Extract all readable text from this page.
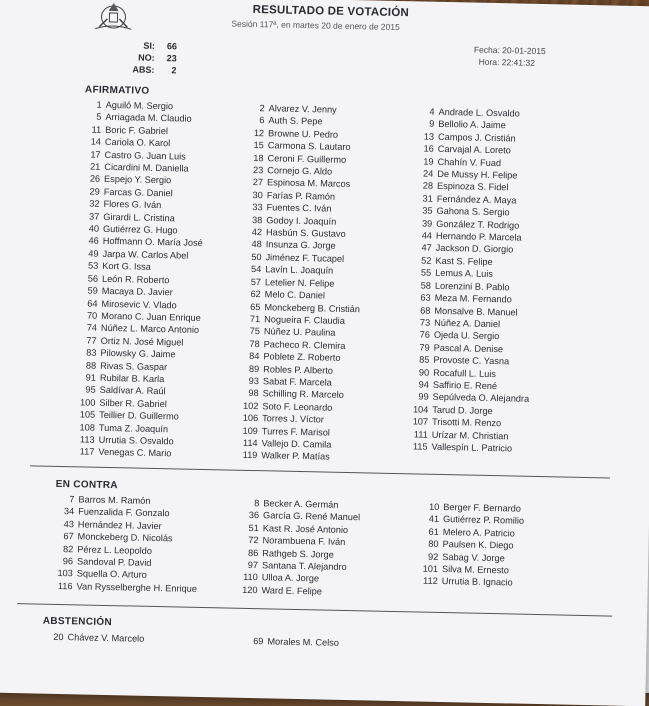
RESULTADO DE VOTACIÓN
Sesión 117ª, en martes 20 de enero de 2015
SI: 66
NO: 23
ABS: 2
Fecha: 20-01-2015
Hora: 22:41:32
AFIRMATIVO
1 Aguiló M. Sergio
5 Arriagada M. Claudio
11 Boric F. Gabriel
14 Cariola O. Karol
17 Castro G. Juan Luis
21 Cicardini M. Daniella
26 Espejo Y. Sergio
29 Farcas G. Daniel
32 Flores G. Iván
37 Girardi L. Cristina
40 Gutiérrez G. Hugo
46 Hoffmann O. María José
49 Jarpa W. Carlos Abel
53 Kort G. Issa
56 León R. Roberto
59 Macaya D. Javier
64 Mirosevic V. Vlado
70 Morano C. Juan Enrique
74 Núñez L. Marco Antonio
77 Ortiz N. José Miguel
83 Pilowsky G. Jaime
88 Rivas S. Gaspar
91 Rubilar B. Karla
95 Saldívar A. Raúl
100 Silber R. Gabriel
105 Teillier D. Guillermo
108 Tuma Z. Joaquín
113 Urrutia S. Osvaldo
117 Venegas C. Mario
2 Alvarez V. Jenny
6 Auth S. Pepe
12 Browne U. Pedro
15 Carmona S. Lautaro
18 Ceroni F. Guillermo
23 Cornejo G. Aldo
27 Espinosa M. Marcos
30 Farías P. Ramón
33 Fuentes C. Iván
38 Godoy I. Joaquín
42 Hasbún S. Gustavo
48 Insunza G. Jorge
50 Jiménez F. Tucapel
54 Lavín L. Joaquín
57 Letelier N. Felipe
62 Melo C. Daniel
65 Monckeberg B. Cristián
71 Nogueira F. Claudia
75 Núñez U. Paulina
78 Pacheco R. Clemira
84 Poblete Z. Roberto
89 Robles P. Alberto
93 Sabat F. Marcela
98 Schilling R. Marcelo
102 Soto F. Leonardo
106 Torres J. Víctor
109 Turres F. Marisol
114 Vallejo D. Camila
119 Walker P. Matías
4 Andrade L. Osvaldo
9 Bellolio A. Jaime
13 Campos J. Cristián
16 Carvajal A. Loreto
19 Chahín V. Fuad
24 De Mussy H. Felipe
28 Espinoza S. Fidel
31 Fernández A. Maya
35 Gahona S. Sergio
39 González T. Rodrigo
44 Hernando P. Marcela
47 Jackson D. Giorgio
52 Kast S. Felipe
55 Lemus A. Luis
58 Lorenzini B. Pablo
63 Meza M. Fernando
68 Monsalve B. Manuel
73 Núñez A. Daniel
76 Ojeda U. Sergio
79 Pascal A. Denise
85 Provoste C. Yasna
90 Rocafull L. Luis
94 Saffirio E. René
99 Sepúlveda O. Alejandra
104 Tarud D. Jorge
107 Trisotti M. Renzo
111 Urízar M. Christian
115 Vallespín L. Patricio
EN CONTRA
7 Barros M. Ramón
34 Fuenzalida F. Gonzalo
43 Hernández H. Javier
67 Monckeberg D. Nicolás
82 Pérez L. Leopoldo
96 Sandoval P. David
103 Squella O. Arturo
116 Van Rysselberghe H. Enrique
8 Becker A. Germán
36 García G. René Manuel
51 Kast R. José Antonio
72 Norambuena F. Iván
86 Rathgeb S. Jorge
97 Santana T. Alejandro
110 Ulloa A. Jorge
120 Ward E. Felipe
10 Berger F. Bernardo
41 Gutiérrez P. Romilio
61 Melero A. Patricio
80 Paulsen K. Diego
92 Sabag V. Jorge
101 Silva M. Ernesto
112 Urrutia B. Ignacio
ABSTENCIÓN
20 Chávez V. Marcelo	69 Morales M. Celso
